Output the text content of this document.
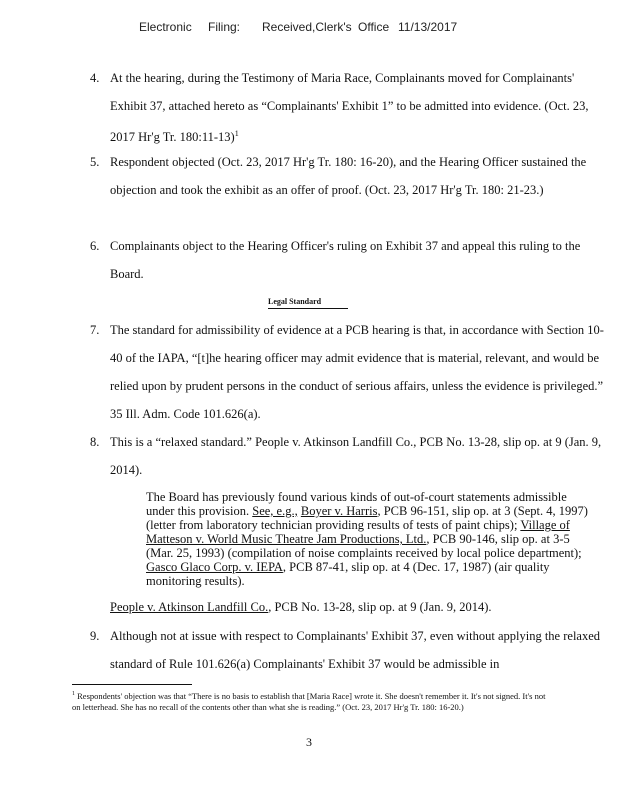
Electronic Filing: Received,Clerk's Office 11/13/2017
4. At the hearing, during the Testimony of Maria Race, Complainants moved for Complainants' Exhibit 37, attached hereto as “Complainants' Exhibit 1” to be admitted into evidence. (Oct. 23, 2017 Hr'g Tr. 180:11-13)$^1$
5. Respondent objected (Oct. 23, 2017 Hr'g Tr. 180: 16-20), and the Hearing Officer sustained the objection and took the exhibit as an offer of proof. (Oct. 23, 2017 Hr'g Tr. 180: 21-23.)
6. Complainants object to the Hearing Officer's ruling on Exhibit 37 and appeal this ruling to the Board.
Legal Standard
7. The standard for admissibility of evidence at a PCB hearing is that, in accordance with Section 10-40 of the IAPA, “[t]he hearing officer may admit evidence that is material, relevant, and would be relied upon by prudent persons in the conduct of serious affairs, unless the evidence is privileged.” 35 Ill. Adm. Code 101.626(a).
8. This is a “relaxed standard.” People v. Atkinson Landfill Co., PCB No. 13-28, slip op. at 9 (Jan. 9, 2014).
The Board has previously found various kinds of out-of-court statements admissible under this provision. See, e.g., Boyer v. Harris, PCB 96-151, slip op. at 3 (Sept. 4, 1997) (letter from laboratory technician providing results of tests of paint chips); Village of Matteson v. World Music Theatre Jam Productions, Ltd., PCB 90-146, slip op. at 3-5 (Mar. 25, 1993) (compilation of noise complaints received by local police department); Gasco Glaco Corp. v. IEPA, PCB 87-41, slip op. at 4 (Dec. 17, 1987) (air quality monitoring results).
People v. Atkinson Landfill Co., PCB No. 13-28, slip op. at 9 (Jan. 9, 2014).
9. Although not at issue with respect to Complainants' Exhibit 37, even without applying the relaxed standard of Rule 101.626(a) Complainants' Exhibit 37 would be admissible in
$^1$ Respondents' objection was that “There is no basis to establish that [Maria Race] wrote it. She doesn't remember it. It's not signed. It's not on letterhead. She has no recall of the contents other than what she is reading.” (Oct. 23, 2017 Hr'g Tr. 180: 16-20.)
3
